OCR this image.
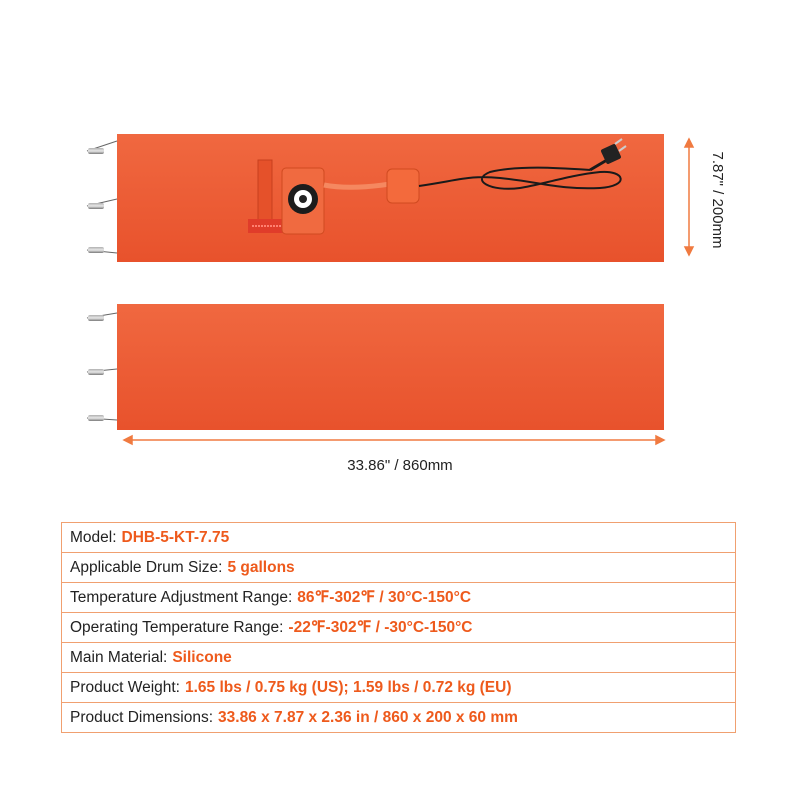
33.86" / 860mm
7.87" / 200mm
Model: DHB-5-KT-7.75
Applicable Drum Size: 5 gallons
Temperature Adjustment Range: 86℉-302℉ / 30°C-150°C
Operating Temperature Range: -22℉-302℉ / -30°C-150°C
Main Material: Silicone
Product Weight: 1.65 lbs / 0.75 kg (US); 1.59 lbs / 0.72 kg (EU)
Product Dimensions: 33.86 x 7.87 x 2.36 in / 860 x 200 x 60 mm
